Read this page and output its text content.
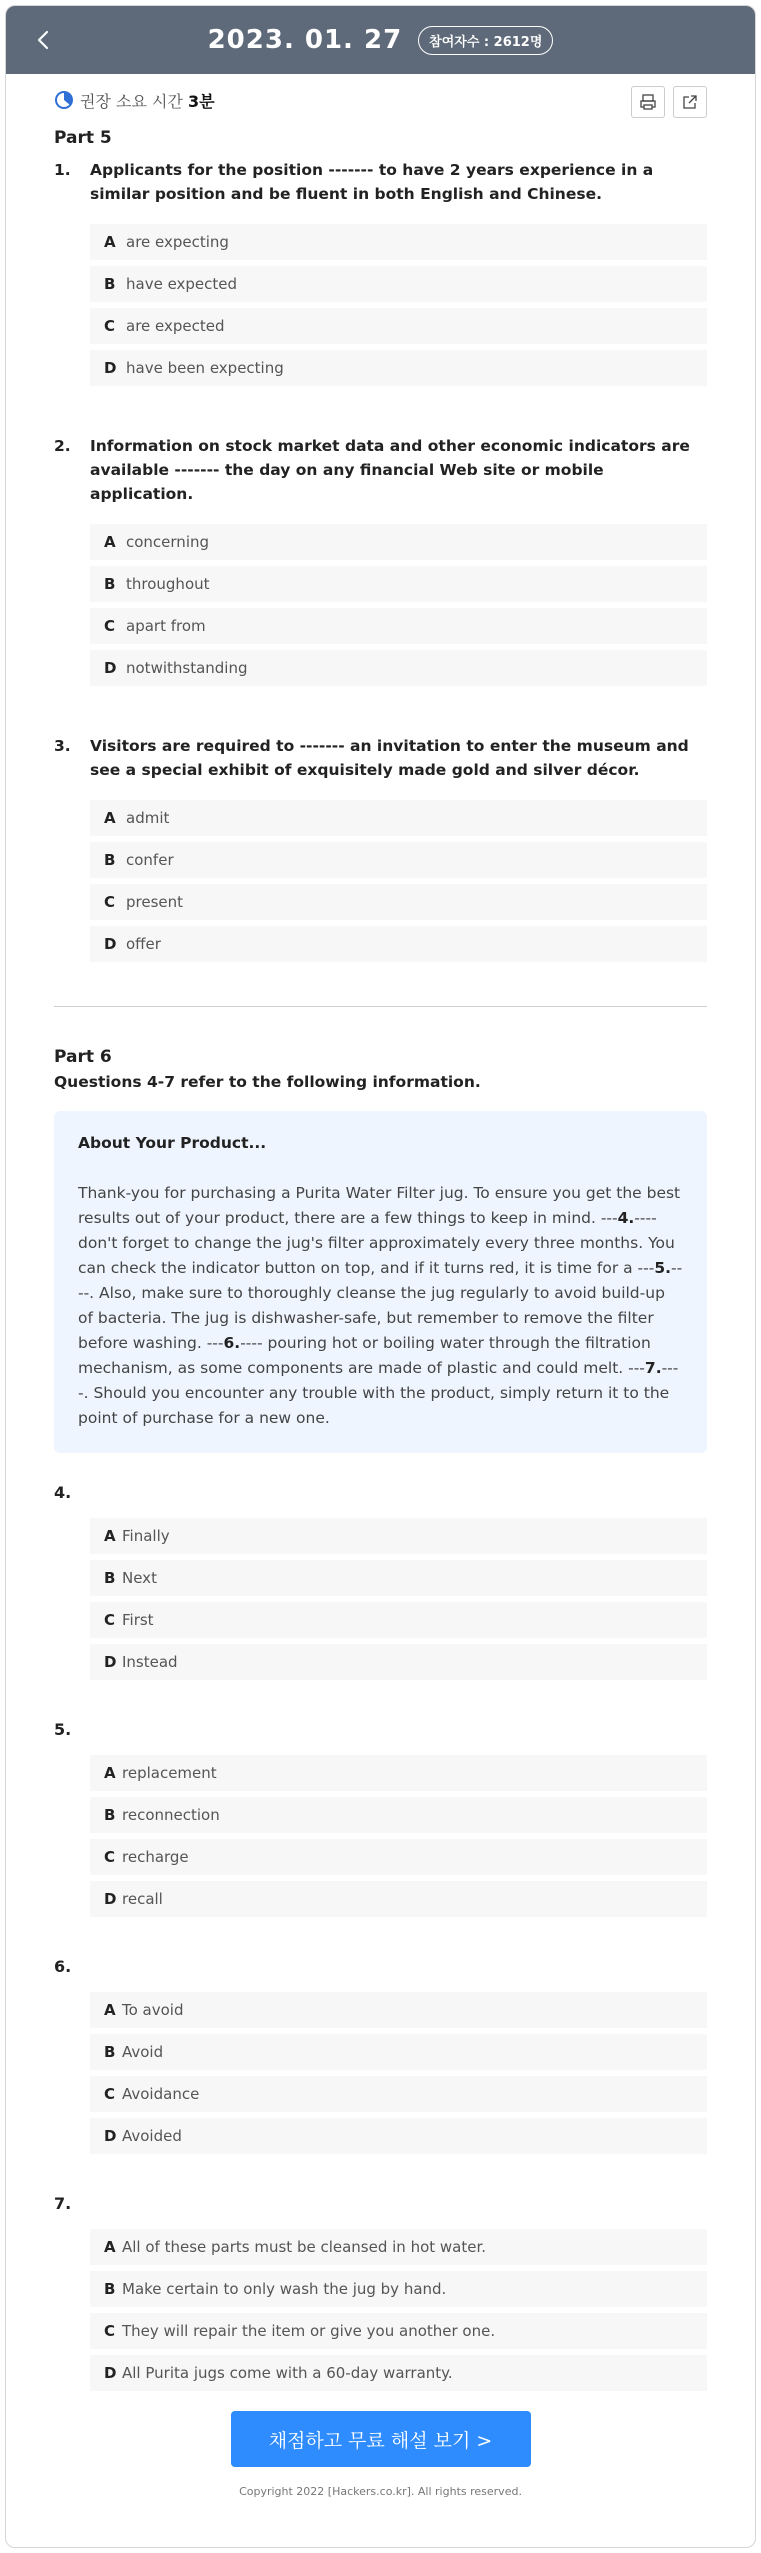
2023. 01. 27	참여자수 : 2612명
권장 소요 시간 3분
Part 5
1. Applicants for the position ------- to have 2 years experience in a similar position and be fluent in both English and Chinese.
A are expecting
B have expected
C are expected
D have been expecting
2. Information on stock market data and other economic indicators are available ------- the day on any financial Web site or mobile application.
A concerning
B throughout
C apart from
D notwithstanding
3. Visitors are required to ------- an invitation to enter the museum and see a special exhibit of exquisitely made gold and silver décor.
A admit
B confer
C present
D offer
Part 6
Questions 4-7 refer to the following information.
About Your Product...
Thank-you for purchasing a Purita Water Filter jug. To ensure you get the best results out of your product, there are a few things to keep in mind. ---4.---- don't forget to change the jug's filter approximately every three months. You can check the indicator button on top, and if it turns red, it is time for a ---5.----. Also, make sure to thoroughly cleanse the jug regularly to avoid build-up of bacteria. The jug is dishwasher-safe, but remember to remove the filter before washing. ---6.---- pouring hot or boiling water through the filtration mechanism, as some components are made of plastic and could melt. ---7.----. Should you encounter any trouble with the product, simply return it to the point of purchase for a new one.
4.
A Finally
B Next
C First
D Instead
5.
A replacement
B reconnection
C recharge
D recall
6.
A To avoid
B Avoid
C Avoidance
D Avoided
7.
A All of these parts must be cleansed in hot water.
B Make certain to only wash the jug by hand.
C They will repair the item or give you another one.
D All Purita jugs come with a 60-day warranty.
채점하고 무료 해설 보기 >
Copyright 2022 [Hackers.co.kr]. All rights reserved.
